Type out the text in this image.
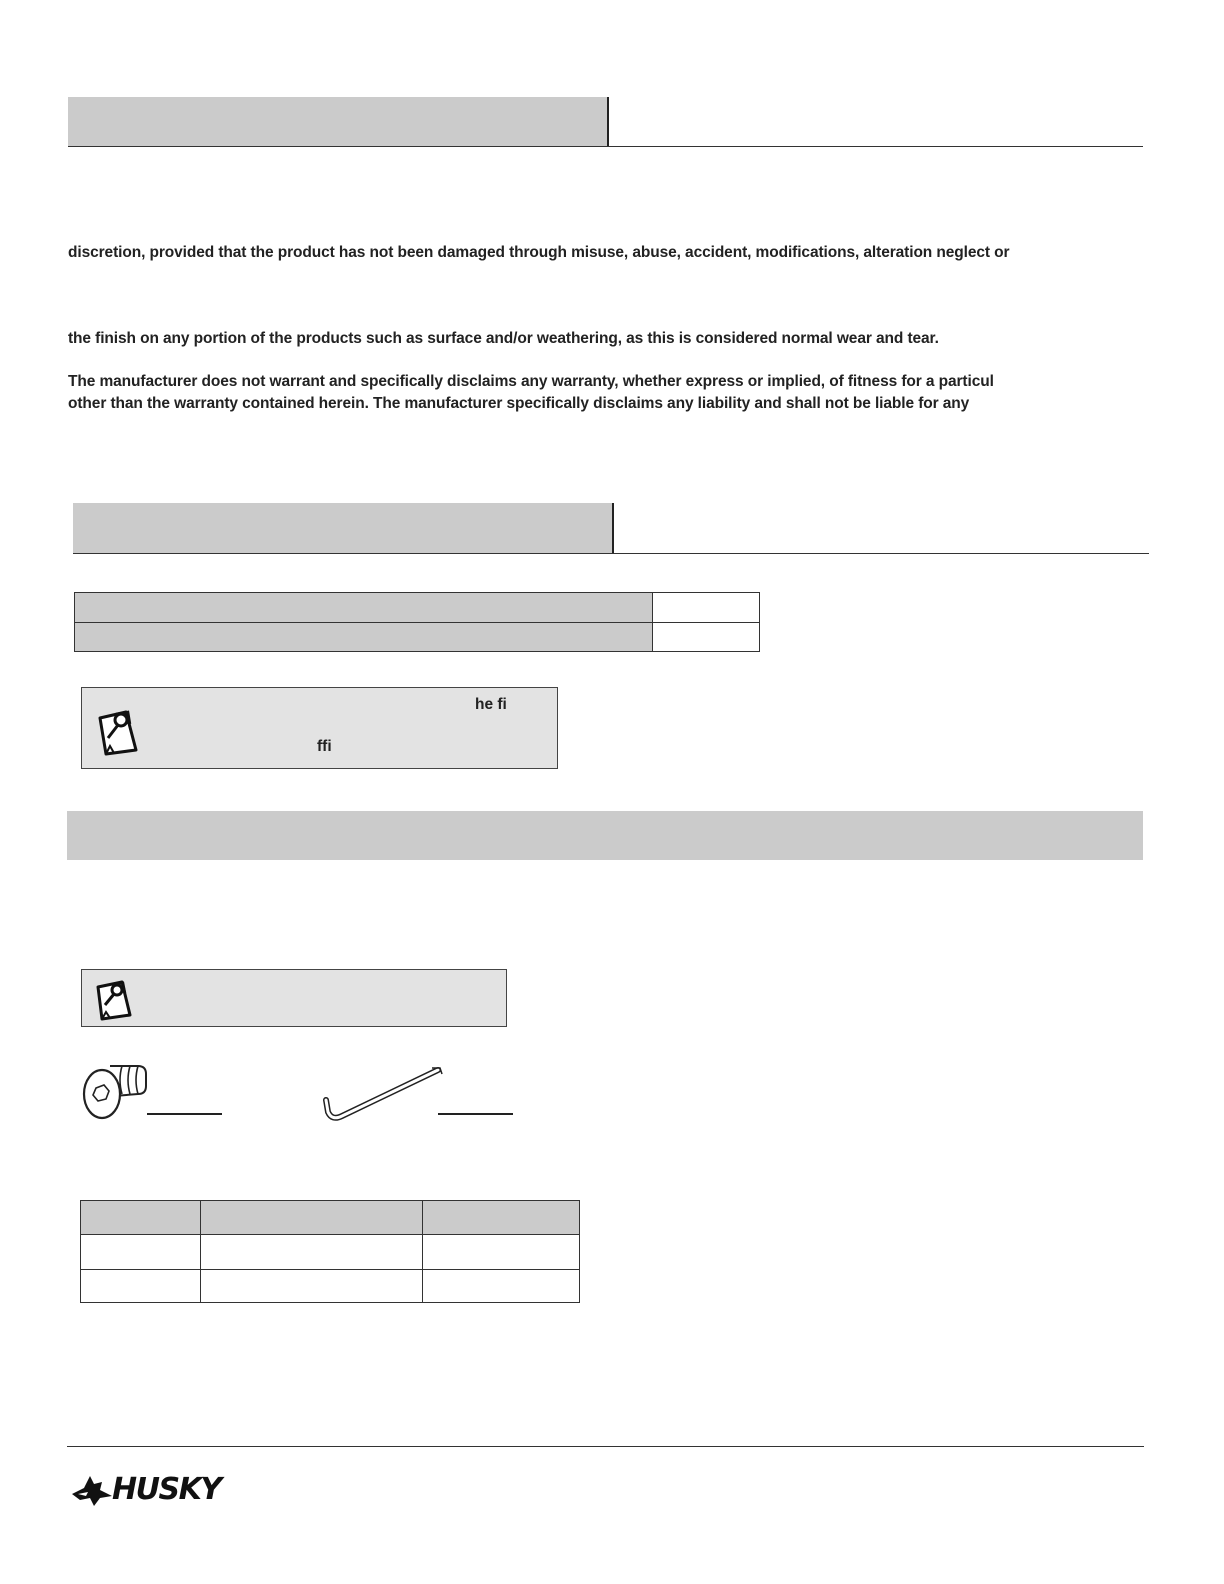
discretion, provided that the product has not been damaged through misuse, abuse, accident, modifications, alteration neglect or
the finish on any portion of the products such as surface and/or weathering, as this is considered normal wear and tear.
The manufacturer does not warrant and specifically disclaims any warranty, whether express or implied, of fitness for a particul
other than the warranty contained herein. The manufacturer specifically disclaims any liability and shall not be liable for any

he fi
ffi

HUSKY
